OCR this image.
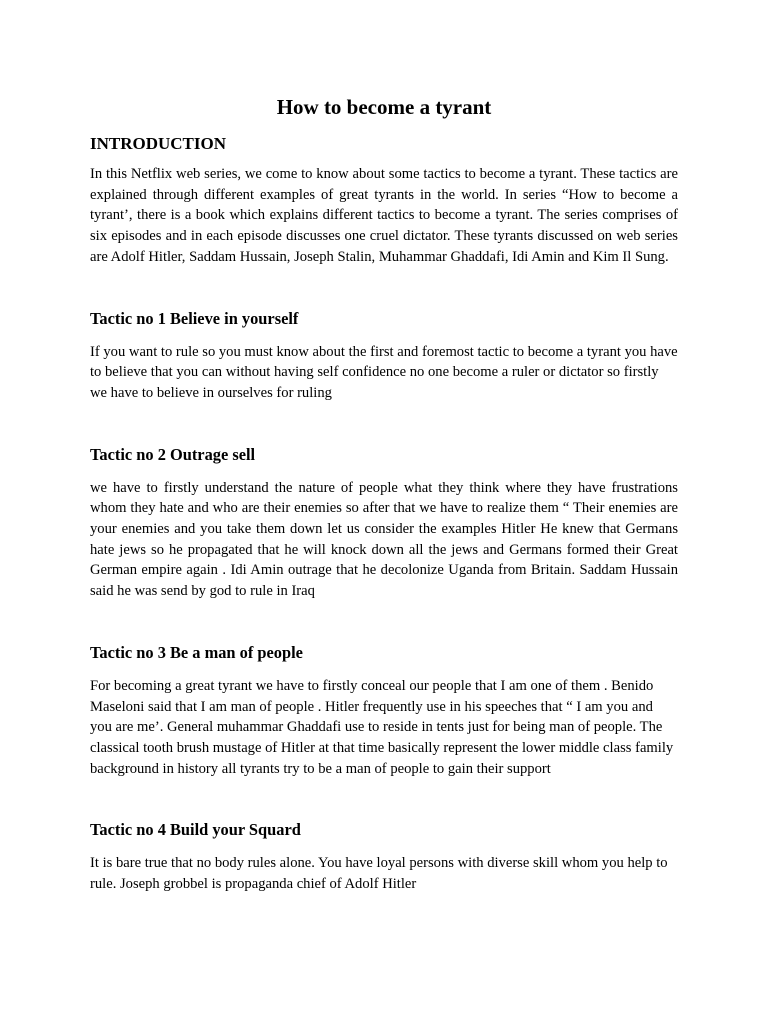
How to become a tyrant
INTRODUCTION

In this Netflix web series, we come to know about some tactics to become a tyrant. These tactics are explained through different examples of great tyrants in the world. In series “How to become a tyrant’, there is a book which explains different tactics to become a tyrant. The series comprises of six episodes and in each episode discusses one cruel dictator. These tyrants discussed on web series are Adolf Hitler, Saddam Hussain, Joseph Stalin, Muhammar Ghaddafi, Idi Amin and Kim Il Sung.

Tactic no 1 Believe in yourself

If you want to rule so you must know about the first and foremost tactic to become a tyrant you have to believe that you can without having self confidence no one become a ruler or dictator so firstly we have to believe in ourselves for ruling

Tactic no 2 Outrage sell

we have to firstly understand the nature of people what they think where they have frustrations whom they hate and who are their enemies so after that we have to realize them “ Their enemies are your enemies and you take them down let us consider the examples Hitler He knew that Germans hate jews so he propagated that he will knock down all the jews and Germans formed their Great German empire again . Idi Amin outrage that he decolonize Uganda from Britain. Saddam Hussain said he was send by god to rule in Iraq

Tactic no 3 Be a man of people

For becoming a great tyrant we have to firstly conceal our people that I am one of them . Benido Maseloni said that I am man of people . Hitler frequently use in his speeches that “ I am you and you are me’. General muhammar Ghaddafi use to reside in tents just for being man of people. The classical tooth brush mustage of Hitler at that time basically represent the lower middle class family background in history all tyrants try to be a man of people to gain their support

Tactic no 4 Build your Squard

It is bare true that no body rules alone. You have loyal persons with diverse skill whom you help to rule. Joseph grobbel is propaganda chief of Adolf Hitler
